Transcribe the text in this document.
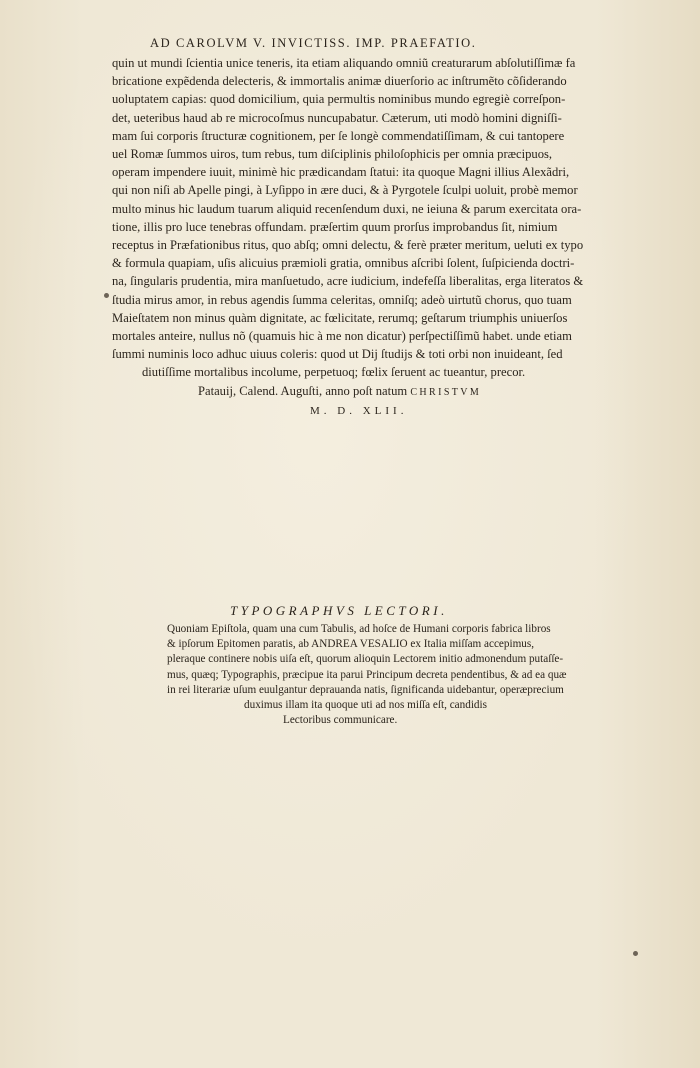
AD CAROLVM V. INVICTISS. IMP. PRAEFATIO.
quin ut mundi ſcientia unice teneris, ita etiam aliquando omniũ creaturarum abſolutiſſimæ fa
bricatione expẽdenda delecteris, & immortalis animæ diuerſorio ac inſtrumẽto cõſiderando
uoluptatem capias: quod domicilium, quia permultis nominibus mundo egregiè correſpon-
det, ueteribus haud ab re microcoſmus nuncupabatur. Cæterum, uti modò homini digniſſi-
mam ſui corporis ſtructuræ cognitionem, per ſe longè commendatiſſimam, & cui tantopere
uel Romæ ſummos uiros, tum rebus, tum diſciplinis philoſophicis per omnia præcipuos,
operam impendere iuuit, minimè hic prædicandam ſtatui: ita quoque Magni illius Alexãdri,
qui non niſi ab Apelle pingi, à Lyſippo in ære duci, & à Pyrgotele ſculpi uoluit, probè memor
multo minus hic laudum tuarum aliquid recenſendum duxi, ne ieiuna & parum exercitata ora-
tione, illis pro luce tenebras offundam. præſertim quum prorſus improbandus ſit, nimium
receptus in Præfationibus ritus, quo abſq; omni delectu, & ferè præter meritum, ueluti ex typo
& formula quapiam, uſis alicuius præmioli gratia, omnibus aſcribi ſolent, ſuſpicienda doctri-
na, ſingularis prudentia, mira manſuetudo, acre iudicium, indefeſſa liberalitas, erga literatos &
ſtudia mirus amor, in rebus agendis ſumma celeritas, omniſq; adeò uirtutũ chorus, quo tuam
Maieſtatem non minus quàm dignitate, ac fœlicitate, rerumq; geſtarum triumphis uniuerſos
mortales anteire, nullus nõ (quamuis hic à me non dicatur) perſpectiſſimũ habet. unde etiam
ſummi numinis loco adhuc uiuus coleris: quod ut Dij ſtudijs & toti orbi non inuideant, ſed
diutiſſime mortalibus incolume, perpetuoq; fœlix ſeruent ac tueantur, precor.
Patauij, Calend. Auguſti, anno poſt natum CHRISTVM
M. D. XLII.
TYPOGRAPHVS LECTORI.
Quoniam Epiſtola, quam una cum Tabulis, ad hoſce de Humani corporis fabrica libros
& ipſorum Epitomen paratis, ab ANDREA VESALIO ex Italia miſſam accepimus,
pleraque continere nobis uiſa eſt, quorum alioquin Lectorem initio admonendum putaſſe-
mus, quæq; Typographis, præcipue ita parui Principum decreta pendentibus, & ad ea quæ
in rei literariæ uſum euulgantur deprauanda natis, ſignificanda uidebantur, operæprecium
duximus illam ita quoque uti ad nos miſſa eſt, candidis
Lectoribus communicare.
